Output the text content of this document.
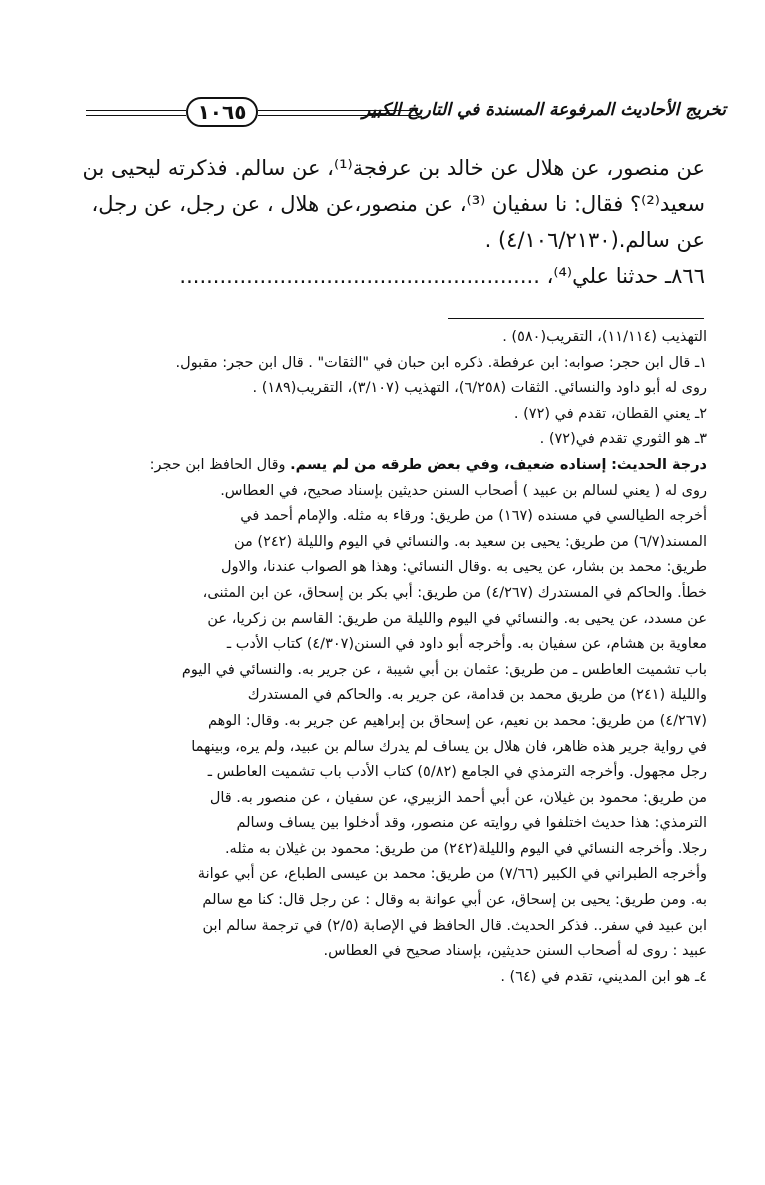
١٠٦٥	تخريج الأحاديث المرفوعة المسندة في التاريخ الكبير

عن منصور، عن هلال عن خالد بن عرفجة⁽¹⁾، عن سالم. فذكرته ليحيى بن

سعيد⁽²⁾؟ فقال: نا سفيان ⁽³⁾، عن منصور،عن هلال ، عن رجل، عن رجل،

عن سالم.(٤/١٠٦/٢١٣٠) .

٨٦٦ـ حدثنا علي⁽⁴⁾، ......................................................

التهذيب (١١/١١٤)، التقريب(٥٨٠) .

١ـ قال ابن حجر: صوابه: ابن عرفطة. ذكره ابن حبان في "الثقات" . قال ابن حجر: مقبول.

روى له أبو داود والنسائي. الثقات (٦/٢٥٨)، التهذيب (٣/١٠٧)، التقريب(١٨٩) .

٢ـ يعني القطان، تقدم في (٧٢) .

٣ـ هو الثوري تقدم في(٧٢) .

درجة الحديث: إسناده ضعيف، وفي بعض طرقه من لم يسم. وقال الحافظ ابن حجر:

روى له ( يعني لسالم بن عبيد ) أصحاب السنن حديثين بإسناد صحيح، في العطاس.

أخرجه الطيالسي في مسنده (١٦٧) من طريق: ورقاء به مثله. والإمام أحمد في

المسند(٦/٧) من طريق: يحيى بن سعيد به. والنسائي في اليوم والليلة (٢٤٢) من

طريق: محمد بن بشار، عن يحيى به .وقال النسائي: وهذا هو الصواب عندنا، والاول

خطأ. والحاكم في المستدرك (٤/٢٦٧) من طريق: أبي بكر بن إسحاق، عن ابن المثنى،

عن مسدد، عن يحيى به. والنسائي في اليوم والليلة من طريق: القاسم بن زكريا، عن

معاوية بن هشام، عن سفيان به. وأخرجه أبو داود في السنن(٤/٣٠٧) كتاب الأدب ـ

باب تشميت العاطس ـ من طريق: عثمان بن أبي شيبة ، عن جرير به. والنسائي في اليوم

والليلة (٢٤١) من طريق محمد بن قدامة، عن جرير به. والحاكم في المستدرك

(٤/٢٦٧) من طريق: محمد بن نعيم، عن إسحاق بن إبراهيم عن جرير به. وقال: الوهم

في رواية جرير هذه ظاهر، فان هلال بن يساف لم يدرك سالم بن عبيد، ولم يره، وبينهما

رجل مجهول. وأخرجه الترمذي في الجامع (٥/٨٢) كتاب الأدب باب تشميت العاطس ـ

من طريق: محمود بن غيلان، عن أبي أحمد الزبيري، عن سفيان ، عن منصور به. قال

الترمذي: هذا حديث اختلفوا في روايته عن منصور، وقد أدخلوا بين يساف وسالم

رجلا. وأخرجه النسائي في اليوم والليلة(٢٤٢) من طريق: محمود بن غيلان به مثله.

وأخرجه الطبراني في الكبير (٧/٦٦) من طريق: محمد بن عيسى الطباع، عن أبي عوانة

به. ومن طريق: يحيى بن إسحاق، عن أبي عوانة به وقال : عن رجل قال: كنا مع سالم

ابن عبيد في سفر.. فذكر الحديث. قال الحافظ في الإصابة (٢/٥) في ترجمة سالم ابن

عبيد : روى له أصحاب السنن حديثين، بإسناد صحيح في العطاس.

٤ـ هو ابن المديني، تقدم في (٦٤) .
